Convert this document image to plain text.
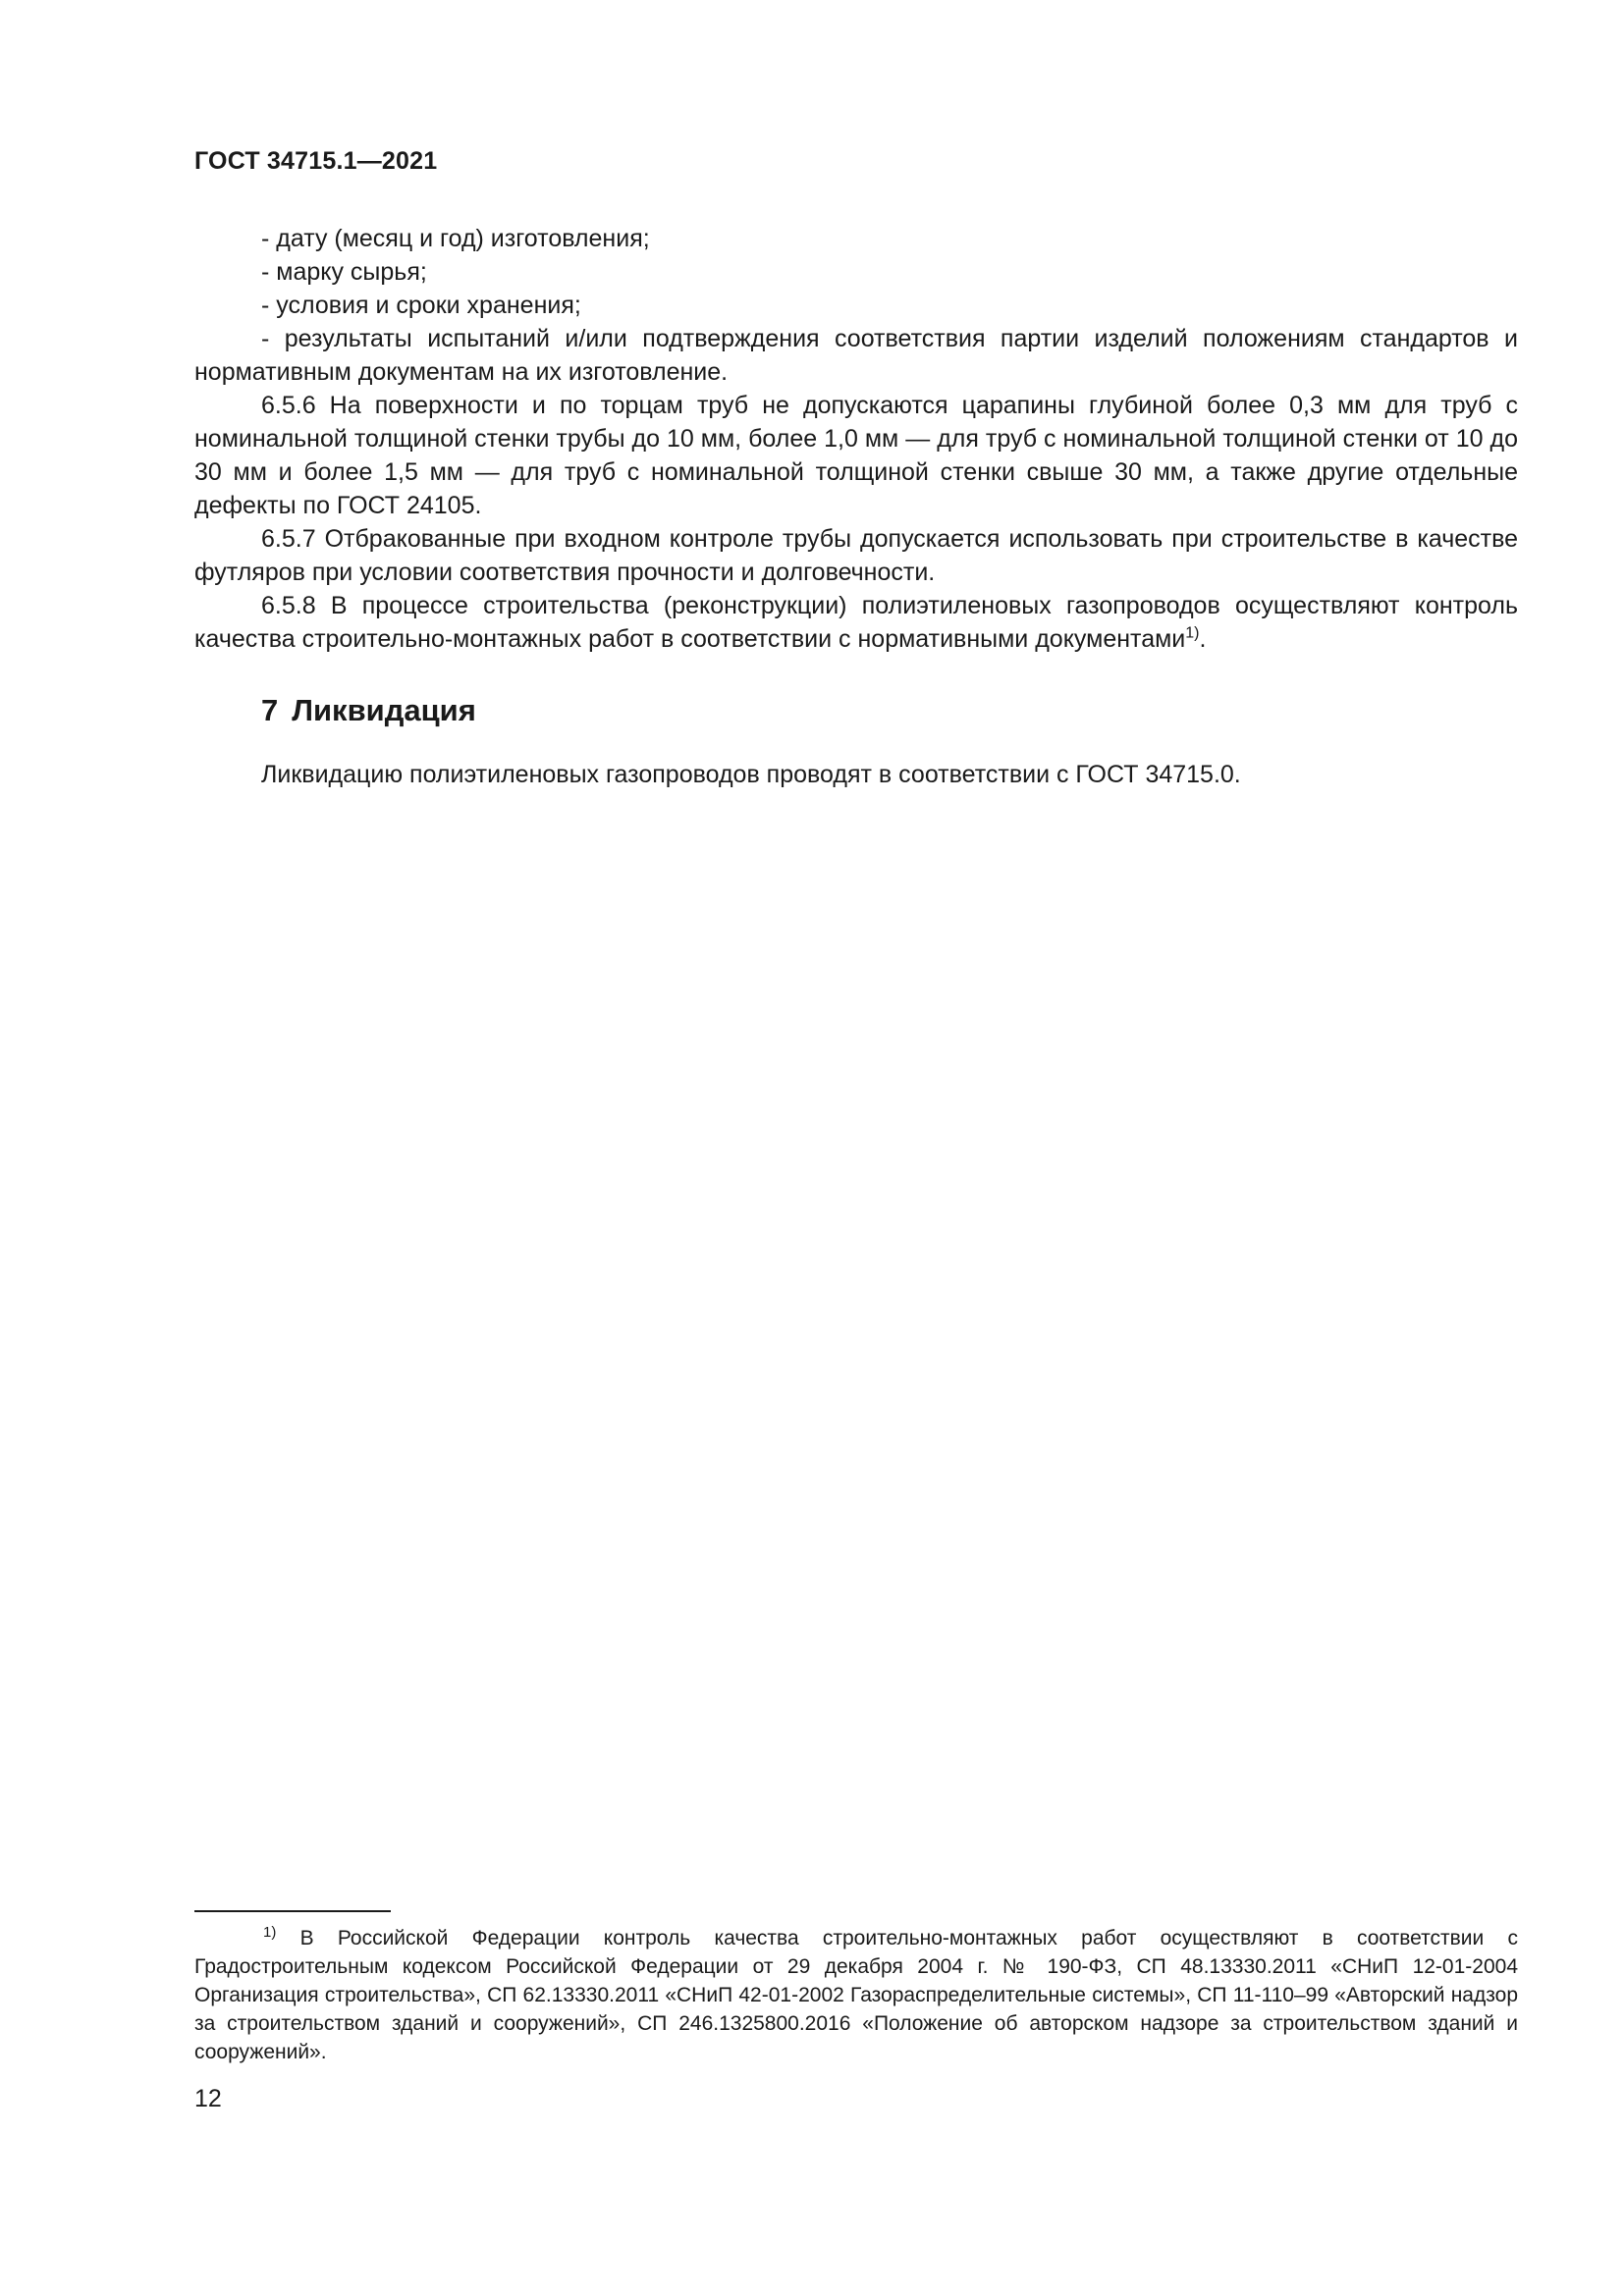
ГОСТ 34715.1—2021

- дату (месяц и год) изготовления;

- марку сырья;

- условия и сроки хранения;

- результаты испытаний и/или подтверждения соответствия партии изделий положениям стандартов и нормативным документам на их изготовление.

6.5.6 На поверхности и по торцам труб не допускаются царапины глубиной более 0,3 мм для труб с номинальной толщиной стенки трубы до 10 мм, более 1,0 мм — для труб с номинальной толщиной стенки от 10 до 30 мм и более 1,5 мм — для труб с номинальной толщиной стенки свыше 30 мм, а также другие отдельные дефекты по ГОСТ 24105.

6.5.7 Отбракованные при входном контроле трубы допускается использовать при строительстве в качестве футляров при условии соответствия прочности и долговечности.

6.5.8 В процессе строительства (реконструкции) полиэтиленовых газопроводов осуществляют контроль качества строительно-монтажных работ в соответствии с нормативными документами$^{1)}$.

7 Ликвидация
Ликвидацию полиэтиленовых газопроводов проводят в соответствии с ГОСТ 34715.0.
$^{1)}$ В Российской Федерации контроль качества строительно-монтажных работ осуществляют в соответствии с Градостроительным кодексом Российской Федерации от 29 декабря 2004 г. № 190-ФЗ, СП 48.13330.2011 «СНиП 12-01-2004 Организация строительства», СП 62.13330.2011 «СНиП 42-01-2002 Газораспределительные системы», СП 11-110–99 «Авторский надзор за строительством зданий и сооружений», СП 246.1325800.2016 «Положение об авторском надзоре за строительством зданий и сооружений».
12
